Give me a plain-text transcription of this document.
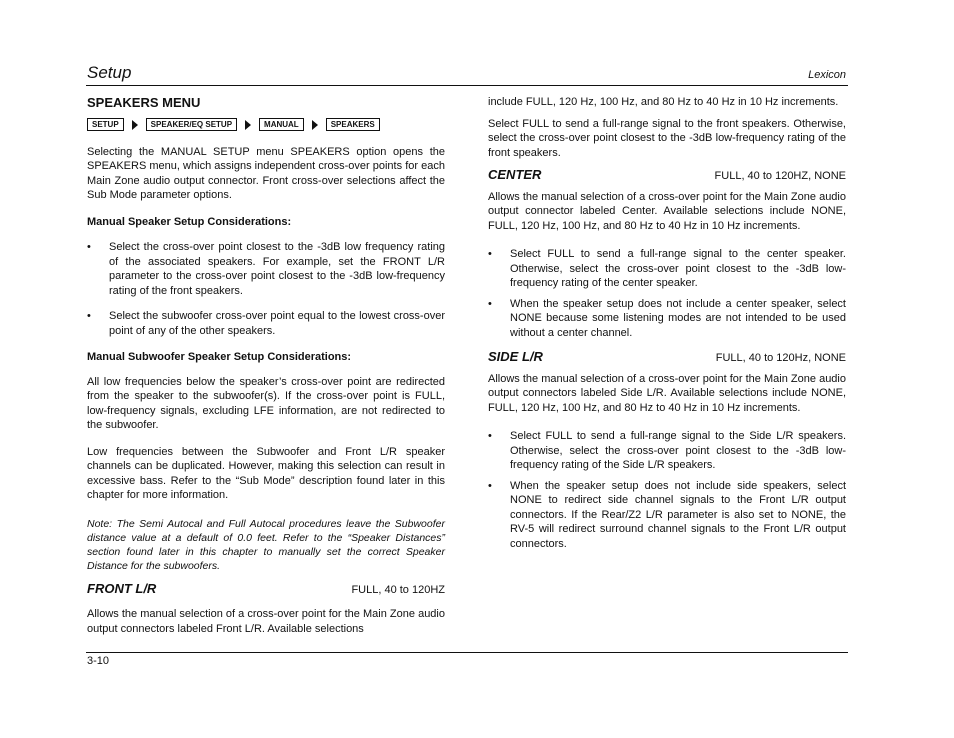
Setup	Lexicon
SPEAKERS MENU
SETUP	SPEAKER/EQ SETUP	MANUAL	SPEAKERS

Selecting the MANUAL SETUP menu SPEAKERS option opens the SPEAKERS menu, which assigns independent cross-over points for each Main Zone audio output connector. Front cross-over selections affect the Sub Mode parameter options.

Manual Speaker Setup Considerations:

•	Select the cross-over point closest to the -3dB low frequency rating of the associated speakers. For example, set the FRONT L/R parameter to the cross-over point closest to the -3dB low-frequency rating of the front speakers.
•	Select the subwoofer cross-over point equal to the lowest cross-over point of any of the other speakers.

Manual Subwoofer Speaker Setup Considerations:

All low frequencies below the speaker’s cross-over point are redirected from the speaker to the subwoofer(s). If the cross-over point is FULL, low-frequency signals, excluding LFE information, are not redirected to the subwoofer.

Low frequencies between the Subwoofer and Front L/R speaker channels can be duplicated. However, making this selection can result in excessive bass. Refer to the “Sub Mode” description found later in this chapter for more information.

Note: The Semi Autocal and Full Autocal procedures leave the Subwoofer distance value at a default of 0.0 feet. Refer to the “Speaker Distances” section found later in this chapter to manually set the correct Speaker Distance for the subwoofers.

FRONT L/R	FULL, 40 to 120HZ

Allows the manual selection of a cross-over point for the Main Zone audio output connectors labeled Front L/R. Available selections

include FULL, 120 Hz, 100 Hz, and 80 Hz to 40 Hz in 10 Hz increments.

Select FULL to send a full-range signal to the front speakers. Otherwise, select the cross-over point closest to the -3dB low-frequency rating of the front speakers.

CENTER	FULL, 40 to 120HZ, NONE

Allows the manual selection of a cross-over point for the Main Zone audio output connector labeled Center. Available selections include NONE, FULL, 120 Hz, 100 Hz, and 80 Hz to 40 Hz in 10 Hz increments.

•	Select FULL to send a full-range signal to the center speaker. Otherwise, select the cross-over point closest to the -3dB low-frequency rating of the center speaker.
•	When the speaker setup does not include a center speaker, select NONE because some listening modes are not intended to be used without a center channel.
SIDE L/R	FULL, 40 to 120Hz, NONE

Allows the manual selection of a cross-over point for the Main Zone audio output connectors labeled Side L/R. Available selections include NONE, FULL, 120 Hz, 100 Hz, and 80 Hz to 40 Hz in 10 Hz increments.

•	Select FULL to send a full-range signal to the Side L/R speakers. Otherwise, select the cross-over point closest to the -3dB low-frequency rating of the Side L/R speakers.
•	When the speaker setup does not include side speakers, select NONE to redirect side channel signals to the Front L/R output connectors. If the Rear/Z2 L/R parameter is also set to NONE, the RV-5 will redirect surround channel signals to the Front L/R output connectors.
3-10
